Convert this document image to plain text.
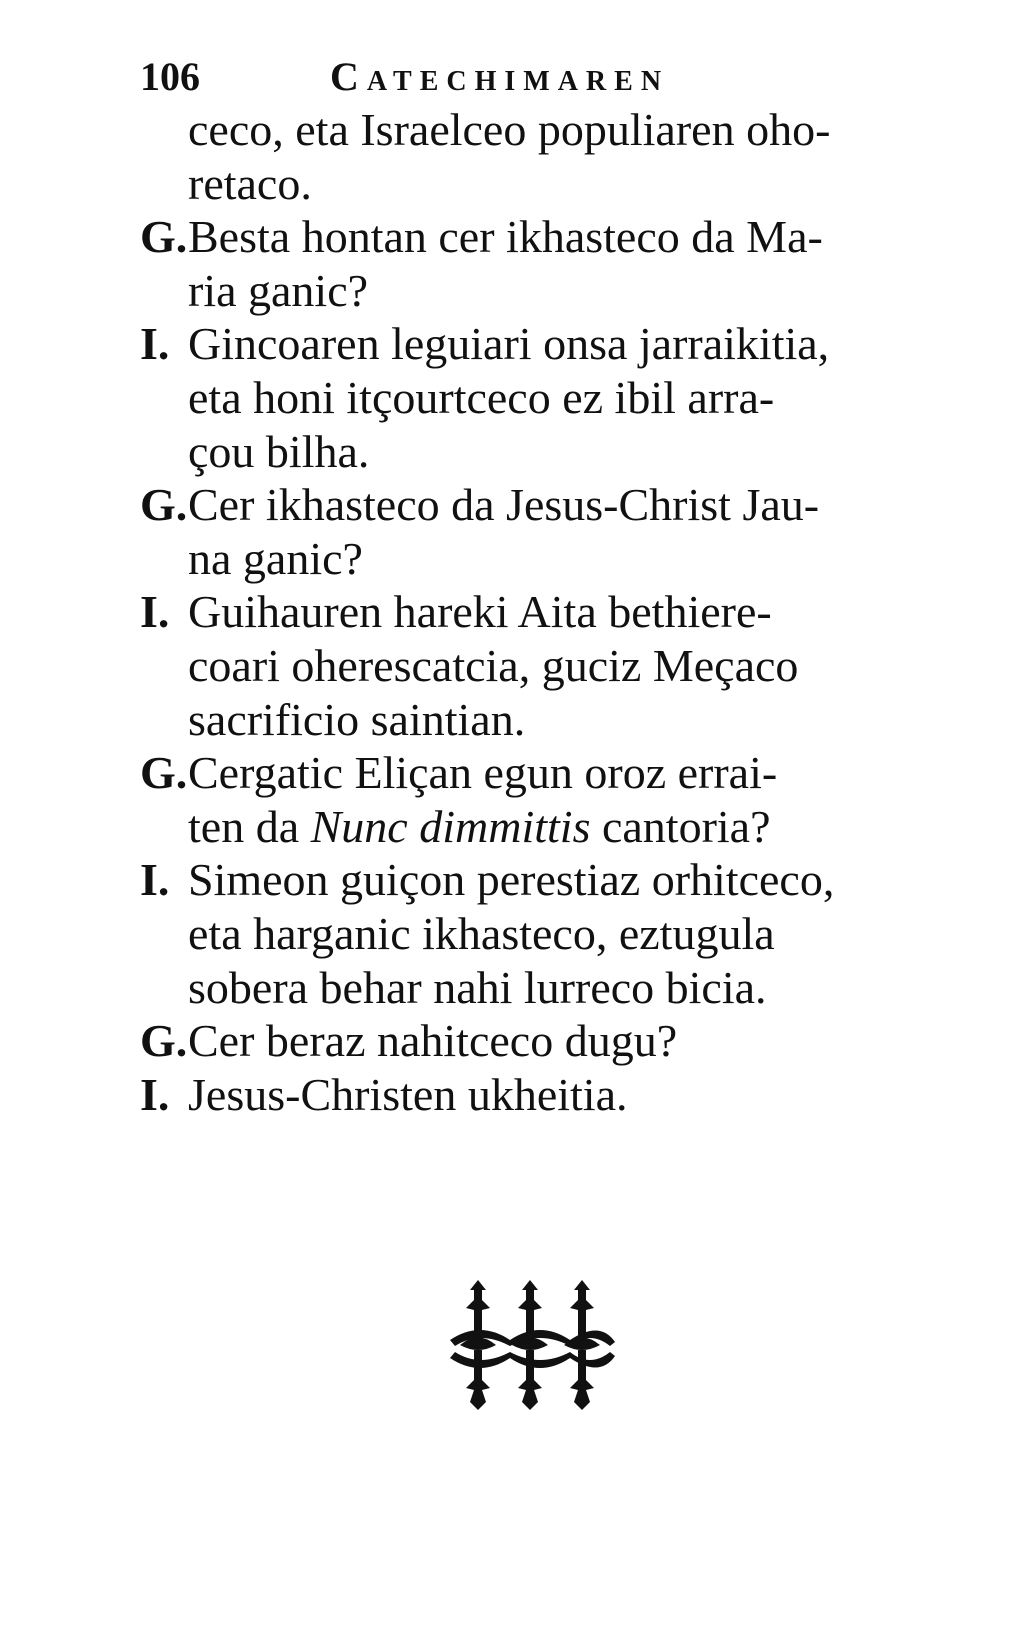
106	Catechimaren
ceco, eta Israelceo populiaren oho-
retaco.
G. Besta hontan cer ikhasteco da Ma-
ria ganic?
I. Gincoaren leguiari onsa jarraikitia,
eta honi itçourtceco ez ibil arra-
çou bilha.
G. Cer ikhasteco da Jesus-Christ Jau-
na ganic?
I. Guihauren hareki Aita bethiere-
coari oherescatcia, guciz Meçaco
sacrificio saintian.
G. Cergatic Eliçan egun oroz errai-
ten da Nunc dimmittis cantoria?
I. Simeon guiçon perestiaz orhitceco,
eta harganic ikhasteco, eztugula
sobera behar nahi lurreco bicia.
G. Cer beraz nahitceco dugu?
I. Jesus-Christen ukheitia.
